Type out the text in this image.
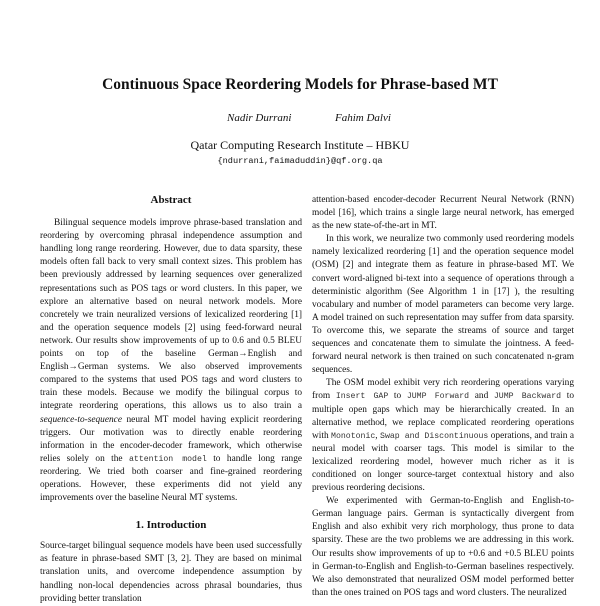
Continuous Space Reordering Models for Phrase-based MT
Nadir Durrani	Fahim Dalvi
Qatar Computing Research Institute – HBKU
{ndurrani,faimaduddin}@qf.org.qa
Abstract

Bilingual sequence models improve phrase-based translation and reordering by overcoming phrasal independence assumption and handling long range reordering. However, due to data sparsity, these models often fall back to very small context sizes. This problem has been previously addressed by learning sequences over generalized representations such as POS tags or word clusters. In this paper, we explore an alternative based on neural network models. More concretely we train neuralized versions of lexicalized reordering [1] and the operation sequence models [2] using feed-forward neural network. Our results show improvements of up to 0.6 and 0.5 BLEU points on top of the baseline German→English and English→German systems. We also observed improvements compared to the systems that used POS tags and word clusters to train these models. Because we modify the bilingual corpus to integrate reordering operations, this allows us to also train a sequence-to-sequence neural MT model having explicit reordering triggers. Our motivation was to directly enable reordering information in the encoder-decoder framework, which otherwise relies solely on the attention model to handle long range reordering. We tried both coarser and fine-grained reordering operations. However, these experiments did not yield any improvements over the baseline Neural MT systems.

1. Introduction

Source-target bilingual sequence models have been used successfully as feature in phrase-based SMT [3, 2]. They are based on minimal translation units, and overcome independence assumption by handling non-local dependencies across phrasal boundaries, thus providing better translation

attention-based encoder-decoder Recurrent Neural Network (RNN) model [16], which trains a single large neural network, has emerged as the new state-of-the-art in MT.

In this work, we neuralize two commonly used reordering models namely lexicalized reordering [1] and the operation sequence model (OSM) [2] and integrate them as feature in phrase-based MT. We convert word-aligned bi-text into a sequence of operations through a deterministic algorithm (See Algorithm 1 in [17] ), the resulting vocabulary and number of model parameters can become very large. A model trained on such representation may suffer from data sparsity. To overcome this, we separate the streams of source and target sequences and concatenate them to simulate the jointness. A feed-forward neural network is then trained on such concatenated n-gram sequences.

The OSM model exhibit very rich reordering operations varying from Insert GAP to JUMP Forward and JUMP Backward to multiple open gaps which may be hierarchically created. In an alternative method, we replace complicated reordering operations with Monotonic, Swap and Discontinuous operations, and train a neural model with coarser tags. This model is similar to the lexicalized reordering model, however much richer as it is conditioned on longer source-target contextual history and also previous reordering decisions.

We experimented with German-to-English and English-to-German language pairs. German is syntactically divergent from English and also exhibit very rich morphology, thus prone to data sparsity. These are the two problems we are addressing in this work. Our results show improvements of up to +0.6 and +0.5 BLEU points in German-to-English and English-to-German baselines respectively. We also demonstrated that neuralized OSM model performed better than the ones trained on POS tags and word clusters. The neuralized
